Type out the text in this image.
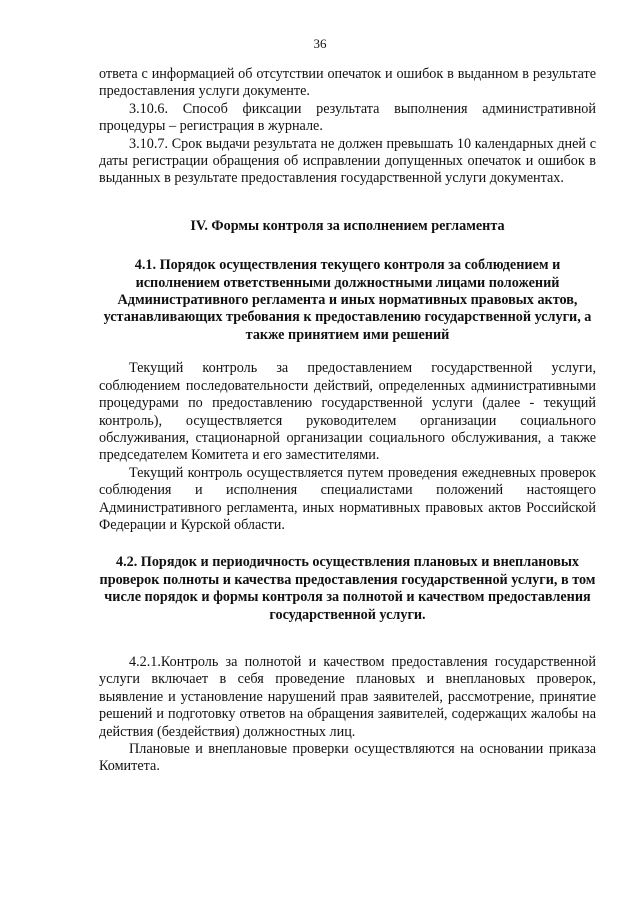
36

ответа с информацией об отсутствии опечаток и ошибок в выданном в результате предоставления услуги документе.

3.10.6. Способ фиксации результата выполнения административной процедуры – регистрация в журнале.

3.10.7. Срок выдачи результата не должен превышать 10 календарных дней с даты регистрации обращения об исправлении допущенных опечаток и ошибок в выданных в результате предоставления государственной услуги документах.

IV. Формы контроля за исполнением регламента
4.1. Порядок осуществления текущего контроля за соблюдением и исполнением ответственными должностными лицами положений Административного регламента и иных нормативных правовых актов, устанавливающих требования к предоставлению государственной услуги, а также принятием ими решений

Текущий контроль за предоставлением государственной услуги, соблюдением последовательности действий, определенных административными процедурами по предоставлению государственной услуги (далее - текущий контроль), осуществляется руководителем организации социального обслуживания, стационарной организации социального обслуживания, а также председателем Комитета и его заместителями.

Текущий контроль осуществляется путем проведения ежедневных проверок соблюдения и исполнения специалистами положений настоящего Административного регламента, иных нормативных правовых актов Российской Федерации и Курской области.

4.2. Порядок и периодичность осуществления плановых и внеплановых проверок полноты и качества предоставления государственной услуги, в том числе порядок и формы контроля за полнотой и качеством предоставления государственной услуги.

4.2.1.Контроль за полнотой и качеством предоставления государственной услуги включает в себя проведение плановых и внеплановых проверок, выявление и установление нарушений прав заявителей, рассмотрение, принятие решений и подготовку ответов на обращения заявителей, содержащих жалобы на действия (бездействия) должностных лиц.

Плановые и внеплановые проверки осуществляются на основании приказа Комитета.
